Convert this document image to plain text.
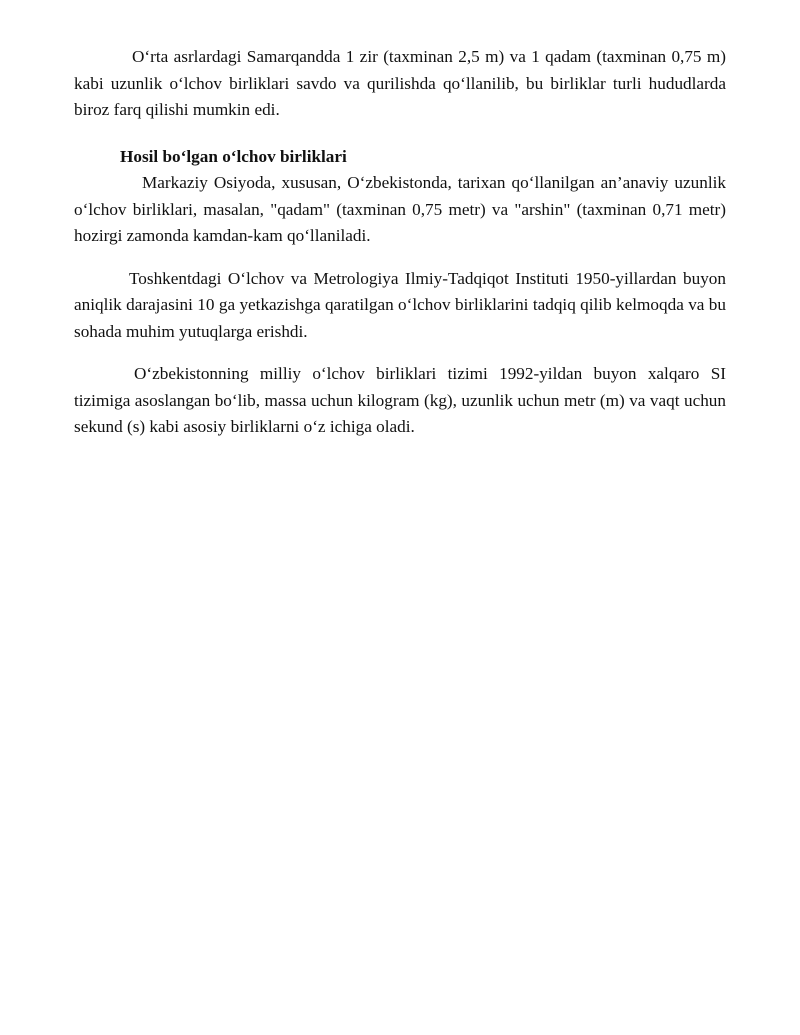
O‘rta asrlardagi Samarqandda 1 zir (taxminan 2,5 m) va 1 qadam (taxminan 0,75 m) kabi uzunlik o‘lchov birliklari savdo va qurilishda qo‘llanilib, bu birliklar turli hududlarda biroz farq qilishi mumkin edi.

Hosil bo‘lgan o‘lchov birliklari

Markaziy Osiyoda, xususan, O‘zbekistonda, tarixan qo‘llanilgan an’anaviy uzunlik o‘lchov birliklari, masalan, "qadam" (taxminan 0,75 metr) va "arshin" (taxminan 0,71 metr) hozirgi zamonda kamdan-kam qo‘llaniladi.

Toshkentdagi O‘lchov va Metrologiya Ilmiy-Tadqiqot Instituti 1950-yillardan buyon aniqlik darajasini 10 ga yetkazishga qaratilgan o‘lchov birliklarini tadqiq qilib kelmoqda va bu sohada muhim yutuqlarga erishdi.

O‘zbekistonning milliy o‘lchov birliklari tizimi 1992-yildan buyon xalqaro SI tizimiga asoslangan bo‘lib, massa uchun kilogram (kg), uzunlik uchun metr (m) va vaqt uchun sekund (s) kabi asosiy birliklarni o‘z ichiga oladi.
